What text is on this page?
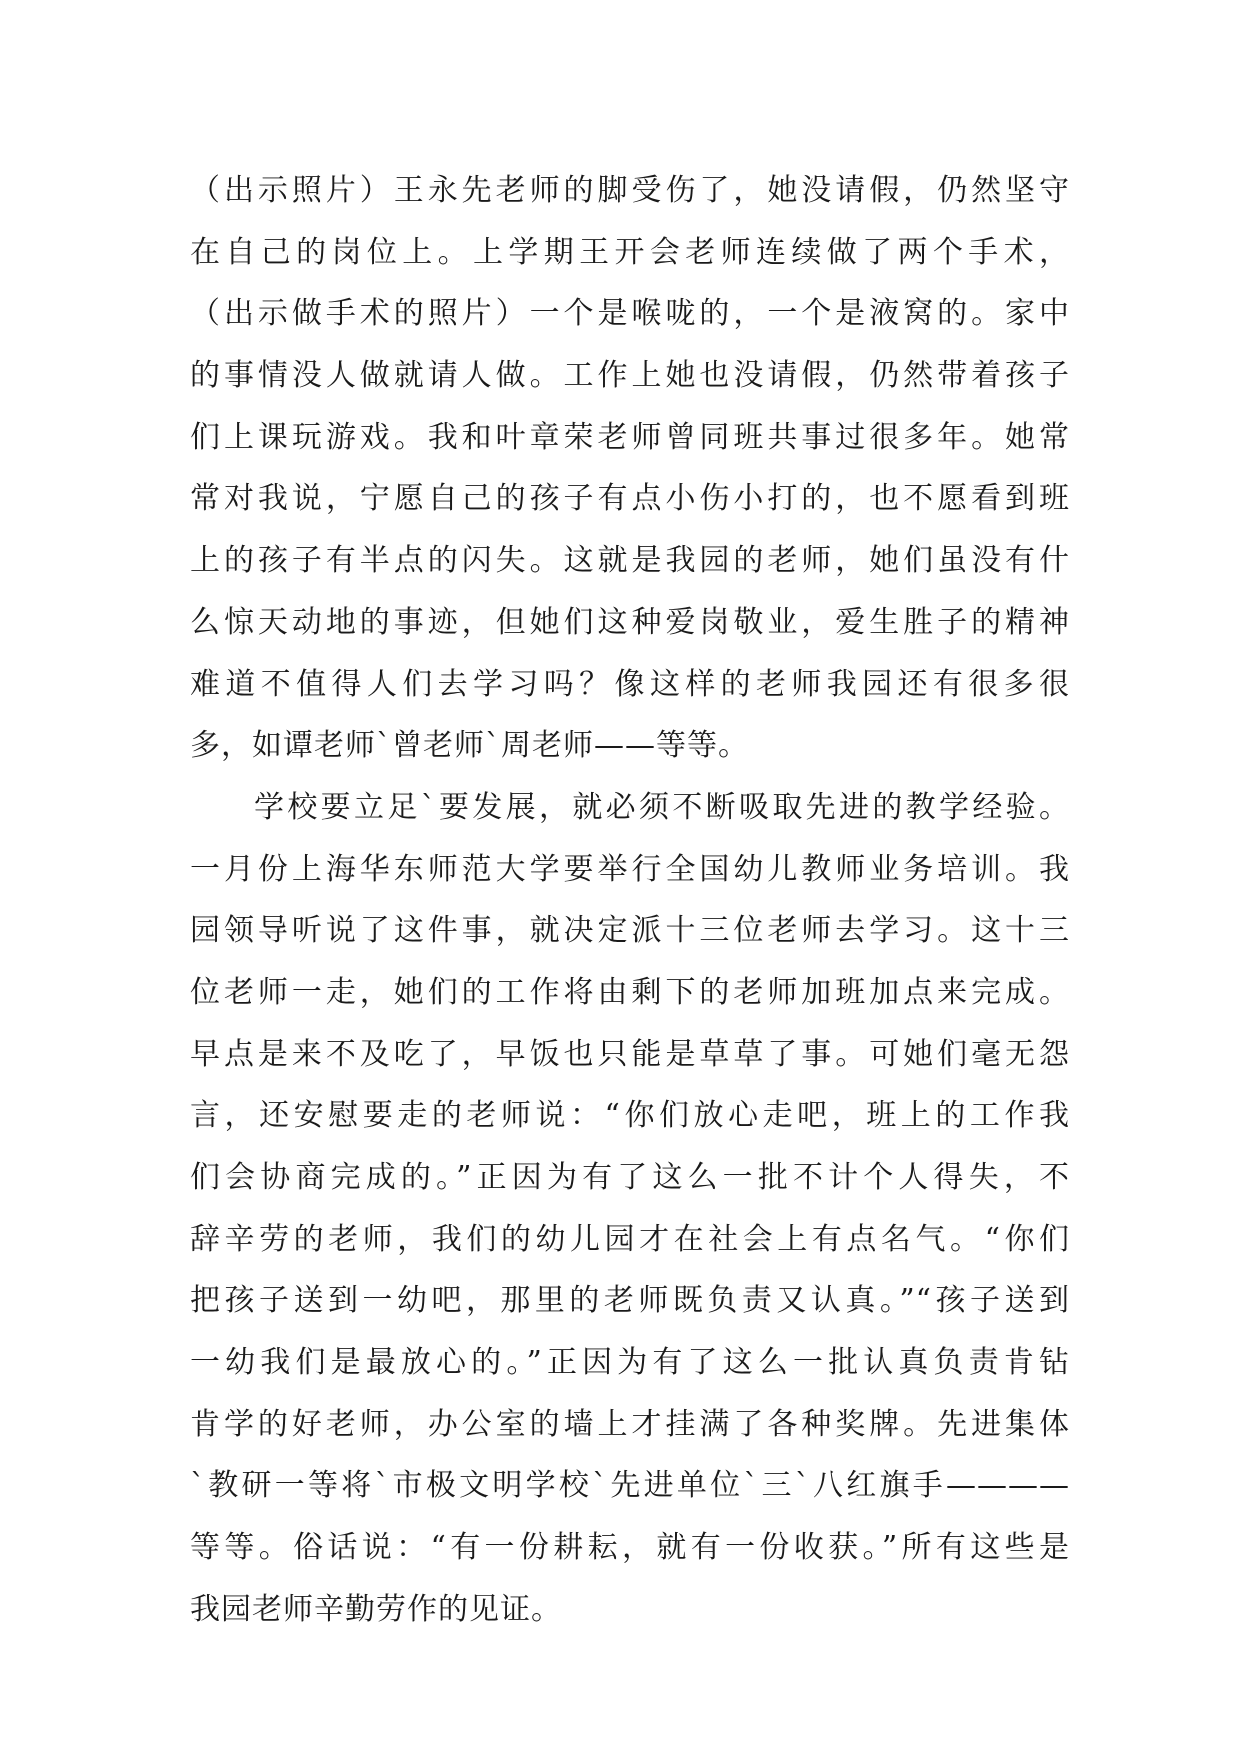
（出示照片）王永先老师的脚受伤了，她没请假，仍然坚守
在自己的岗位上。上学期王开会老师连续做了两个手术，
（出示做手术的照片）一个是喉咙的，一个是液窝的。家中
的事情没人做就请人做。工作上她也没请假，仍然带着孩子
们上课玩游戏。我和叶章荣老师曾同班共事过很多年。她常
常对我说，宁愿自己的孩子有点小伤小打的，也不愿看到班
上的孩子有半点的闪失。这就是我园的老师，她们虽没有什
么惊天动地的事迹，但她们这种爱岗敬业，爱生胜子的精神
难道不值得人们去学习吗？像这样的老师我园还有很多很
多，如谭老师`曾老师`周老师——等等。
学校要立足`要发展，就必须不断吸取先进的教学经验。
一月份上海华东师范大学要举行全国幼儿教师业务培训。我
园领导听说了这件事，就决定派十三位老师去学习。这十三
位老师一走，她们的工作将由剩下的老师加班加点来完成。
早点是来不及吃了，早饭也只能是草草了事。可她们毫无怨
言，还安慰要走的老师说：“你们放心走吧，班上的工作我
们会协商完成的。”正因为有了这么一批不计个人得失，不
辞辛劳的老师，我们的幼儿园才在社会上有点名气。“你们
把孩子送到一幼吧，那里的老师既负责又认真。”“孩子送到
一幼我们是最放心的。”正因为有了这么一批认真负责肯钻
肯学的好老师，办公室的墙上才挂满了各种奖牌。先进集体
`教研一等将`市极文明学校`先进单位`三`八红旗手————
等等。俗话说：“有一份耕耘，就有一份收获。”所有这些是
我园老师辛勤劳作的见证。
